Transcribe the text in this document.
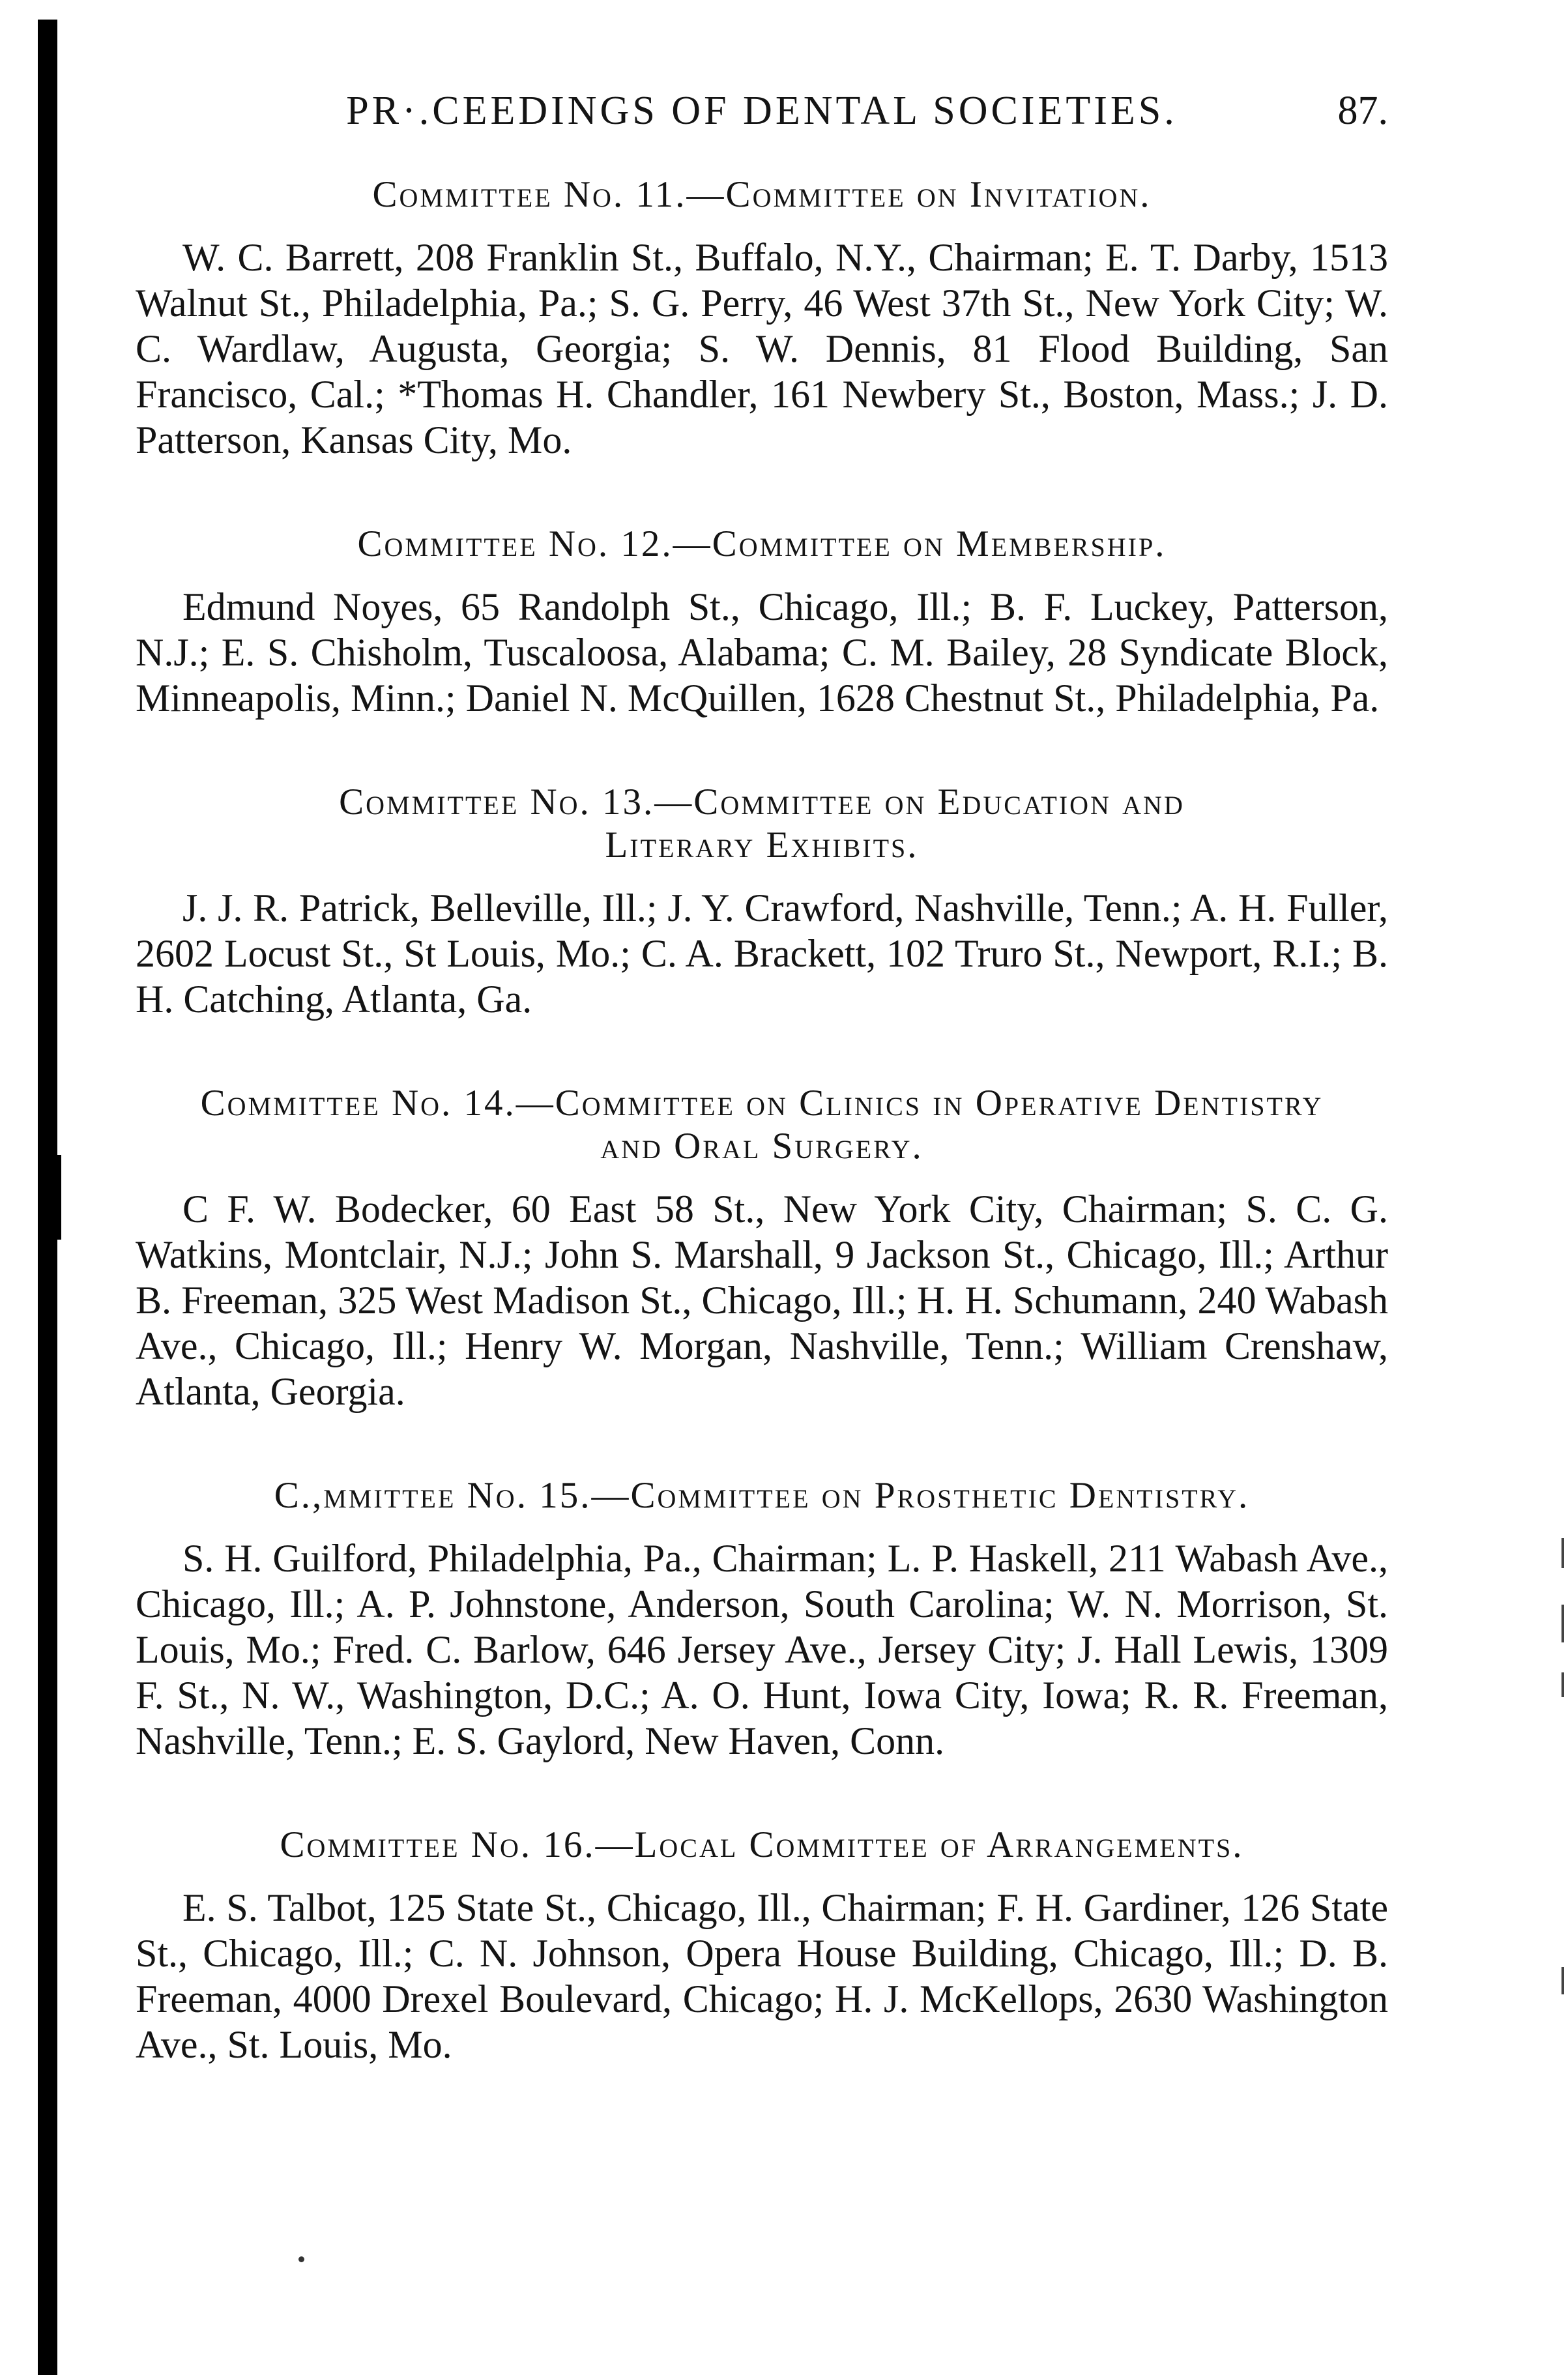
PR·.CEEDINGS OF DENTAL SOCIETIES.	87.
Committee No. 11.—Committee on Invitation.
W. C. Barrett, 208 Franklin St., Buffalo, N.Y., Chairman; E. T. Darby, 1513 Walnut St., Philadelphia, Pa.; S. G. Perry, 46 West 37th St., New York City; W. C. Wardlaw, Augusta, Georgia; S. W. Dennis, 81 Flood Building, San Francisco, Cal.; *Thomas H. Chandler, 161 Newbery St., Boston, Mass.; J. D. Patterson, Kansas City, Mo.
Committee No. 12.—Committee on Membership.
Edmund Noyes, 65 Randolph St., Chicago, Ill.; B. F. Luckey, Patterson, N.J.; E. S. Chisholm, Tuscaloosa, Alabama; C. M. Bailey, 28 Syndicate Block, Minneapolis, Minn.; Daniel N. McQuillen, 1628 Chestnut St., Philadelphia, Pa.
Committee No. 13.—Committee on Education and Literary Exhibits.
J. J. R. Patrick, Belleville, Ill.; J. Y. Crawford, Nashville, Tenn.; A. H. Fuller, 2602 Locust St., St Louis, Mo.; C. A. Brackett, 102 Truro St., Newport, R.I.; B. H. Catching, Atlanta, Ga.
Committee No. 14.—Committee on Clinics in Operative Dentistry and Oral Surgery.
C F. W. Bodecker, 60 East 58 St., New York City, Chairman; S. C. G. Watkins, Montclair, N.J.; John S. Marshall, 9 Jackson St., Chicago, Ill.; Arthur B. Freeman, 325 West Madison St., Chicago, Ill.; H. H. Schumann, 240 Wabash Ave., Chicago, Ill.; Henry W. Morgan, Nashville, Tenn.; William Crenshaw, Atlanta, Georgia.
C.,mmittee No. 15.—Committee on Prosthetic Dentistry.
S. H. Guilford, Philadelphia, Pa., Chairman; L. P. Haskell, 211 Wabash Ave., Chicago, Ill.; A. P. Johnstone, Anderson, South Carolina; W. N. Morrison, St. Louis, Mo.; Fred. C. Barlow, 646 Jersey Ave., Jersey City; J. Hall Lewis, 1309 F. St., N. W., Washington, D.C.; A. O. Hunt, Iowa City, Iowa; R. R. Freeman, Nashville, Tenn.; E. S. Gaylord, New Haven, Conn.
Committee No. 16.—Local Committee of Arrangements.
E. S. Talbot, 125 State St., Chicago, Ill., Chairman; F. H. Gardiner, 126 State St., Chicago, Ill.; C. N. Johnson, Opera House Building, Chicago, Ill.; D. B. Freeman, 4000 Drexel Boulevard, Chicago; H. J. McKellops, 2630 Washington Ave., St. Louis, Mo.
